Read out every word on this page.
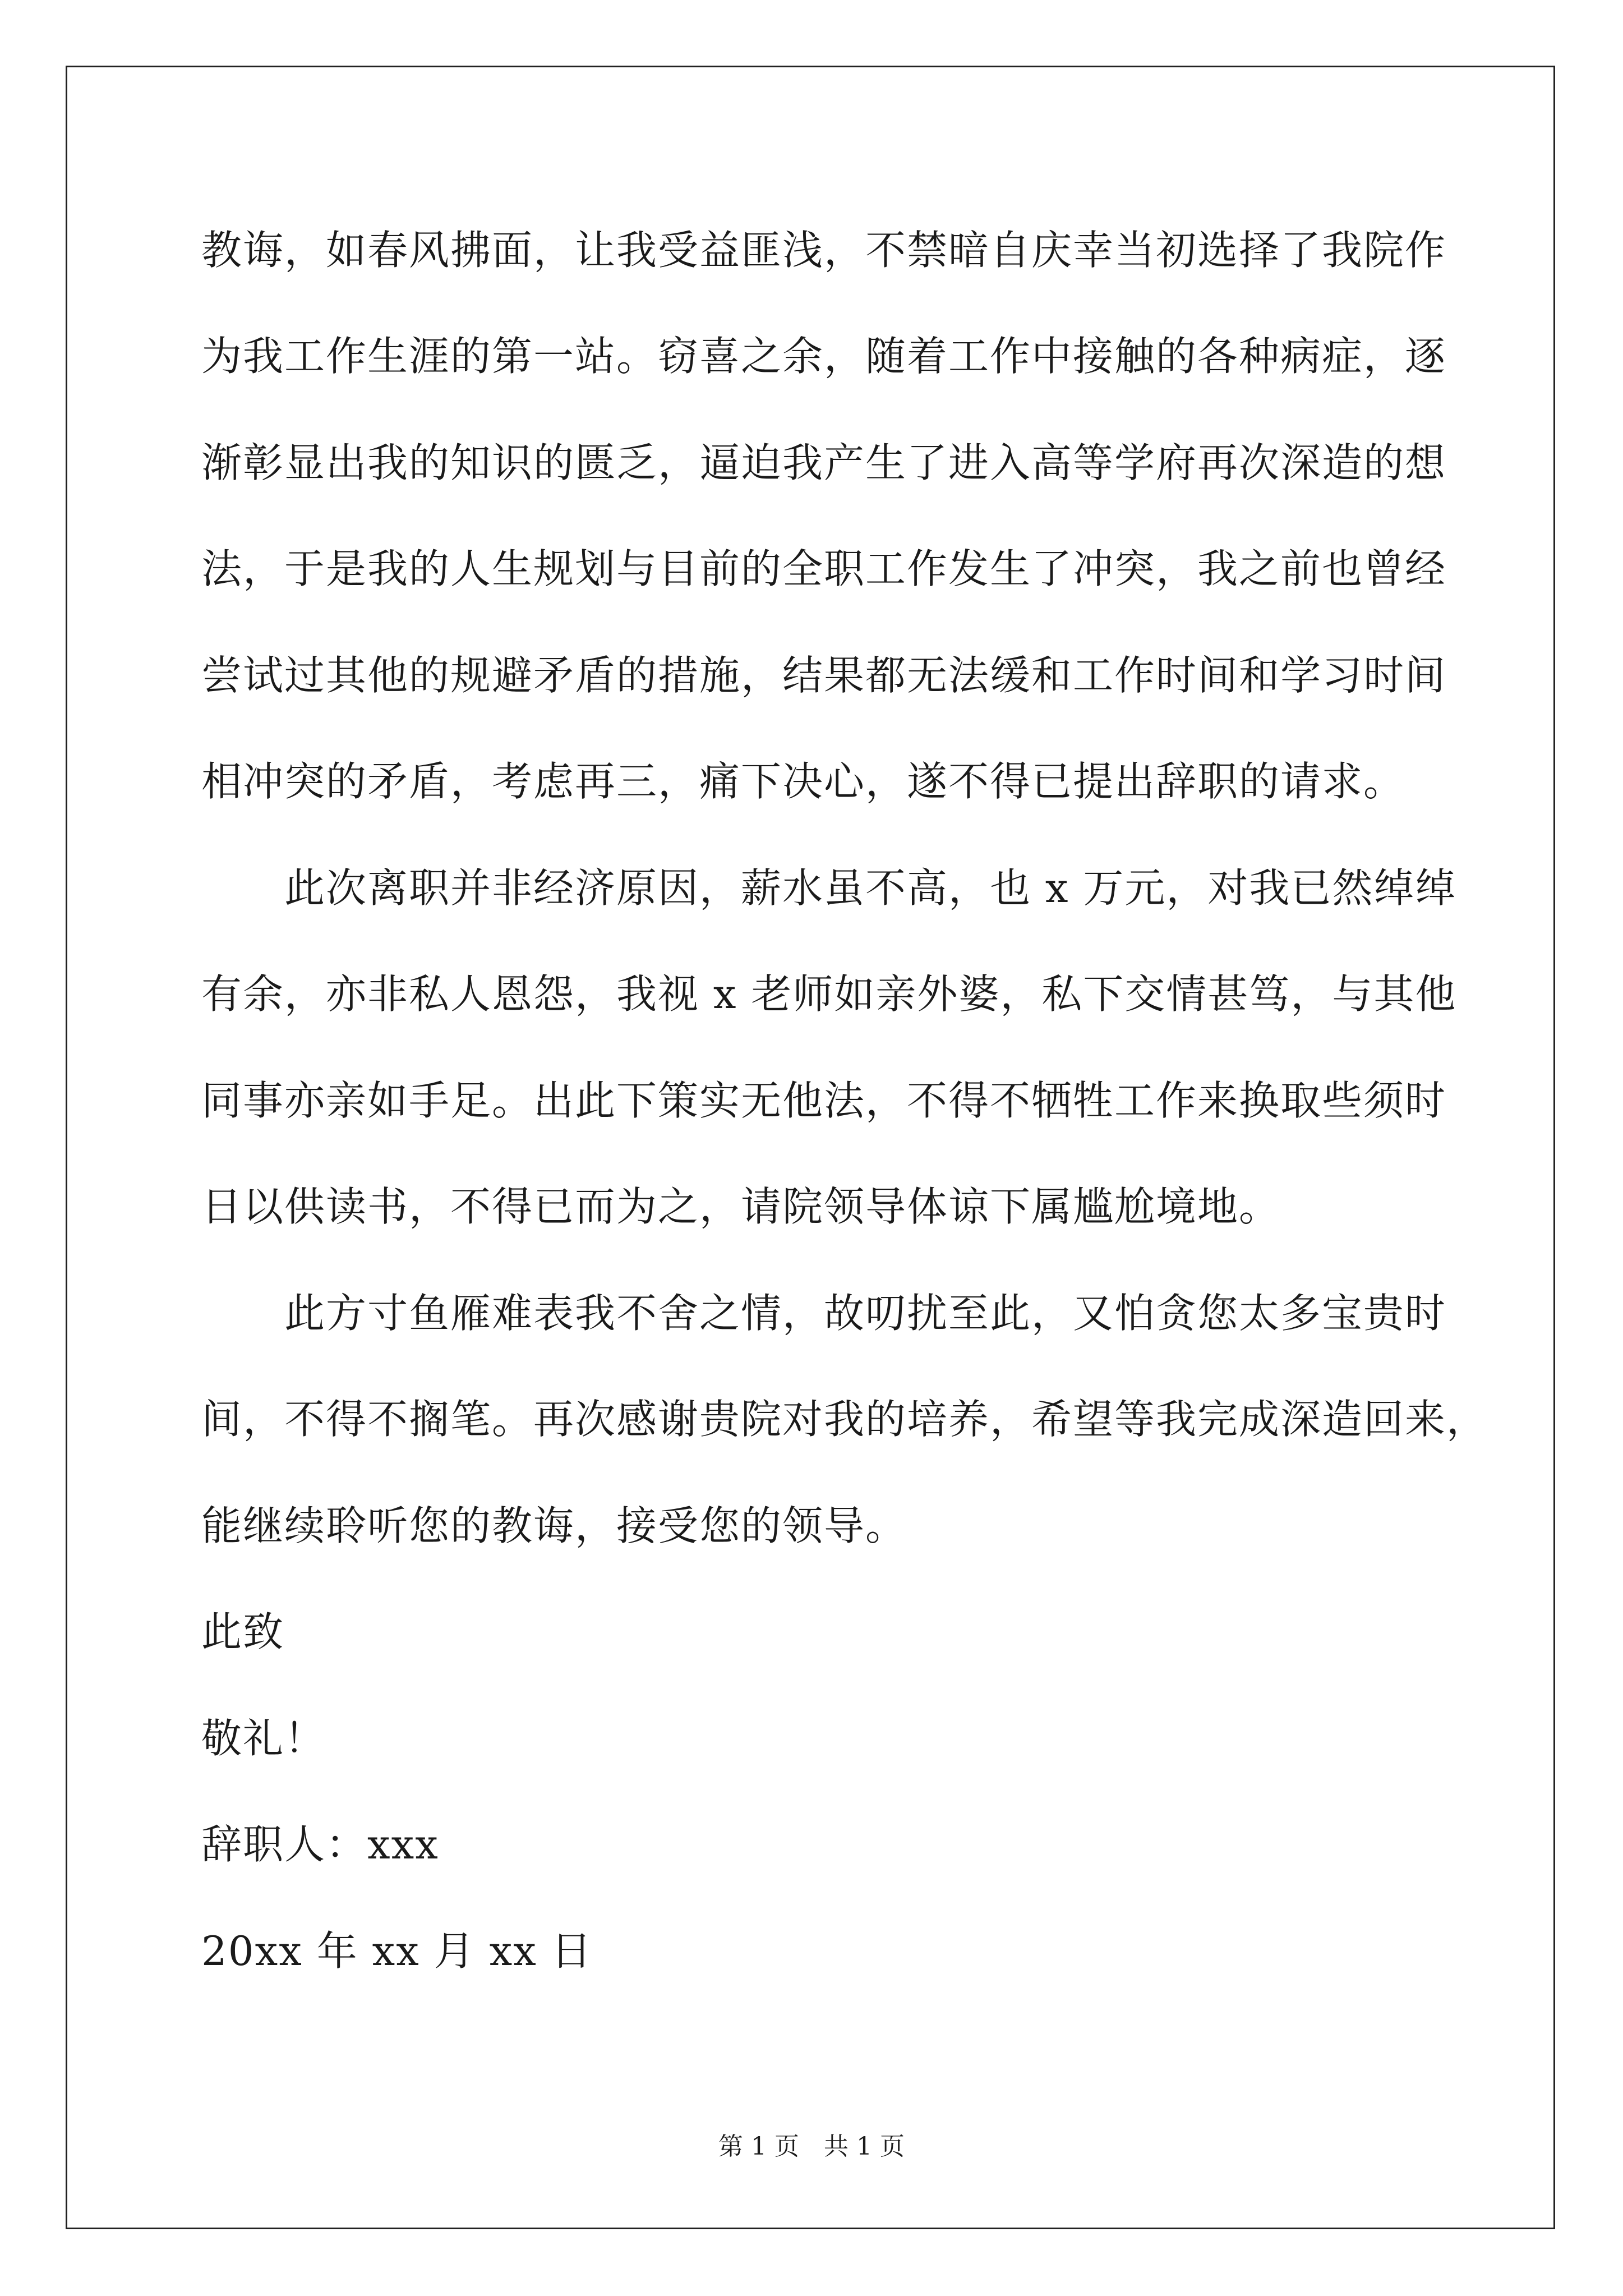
教诲，如春风拂面，让我受益匪浅，不禁暗自庆幸当初选择了我院作
为我工作生涯的第一站。窃喜之余，随着工作中接触的各种病症，逐
渐彰显出我的知识的匮乏，逼迫我产生了进入高等学府再次深造的想
法，于是我的人生规划与目前的全职工作发生了冲突，我之前也曾经
尝试过其他的规避矛盾的措施，结果都无法缓和工作时间和学习时间
相冲突的矛盾，考虑再三，痛下决心，遂不得已提出辞职的请求。
　　此次离职并非经济原因，薪水虽不高，也 x 万元，对我已然绰绰
有余，亦非私人恩怨，我视 x 老师如亲外婆，私下交情甚笃，与其他
同事亦亲如手足。出此下策实无他法，不得不牺牲工作来换取些须时
日以供读书，不得已而为之，请院领导体谅下属尴尬境地。
　　此方寸鱼雁难表我不舍之情，故叨扰至此，又怕贪您太多宝贵时
间，不得不搁笔。再次感谢贵院对我的培养，希望等我完成深造回来，
能继续聆听您的教诲，接受您的领导。
此致
敬礼！
辞职人：xxx
20xx 年 xx 月 xx 日
第 1 页　共 1 页
